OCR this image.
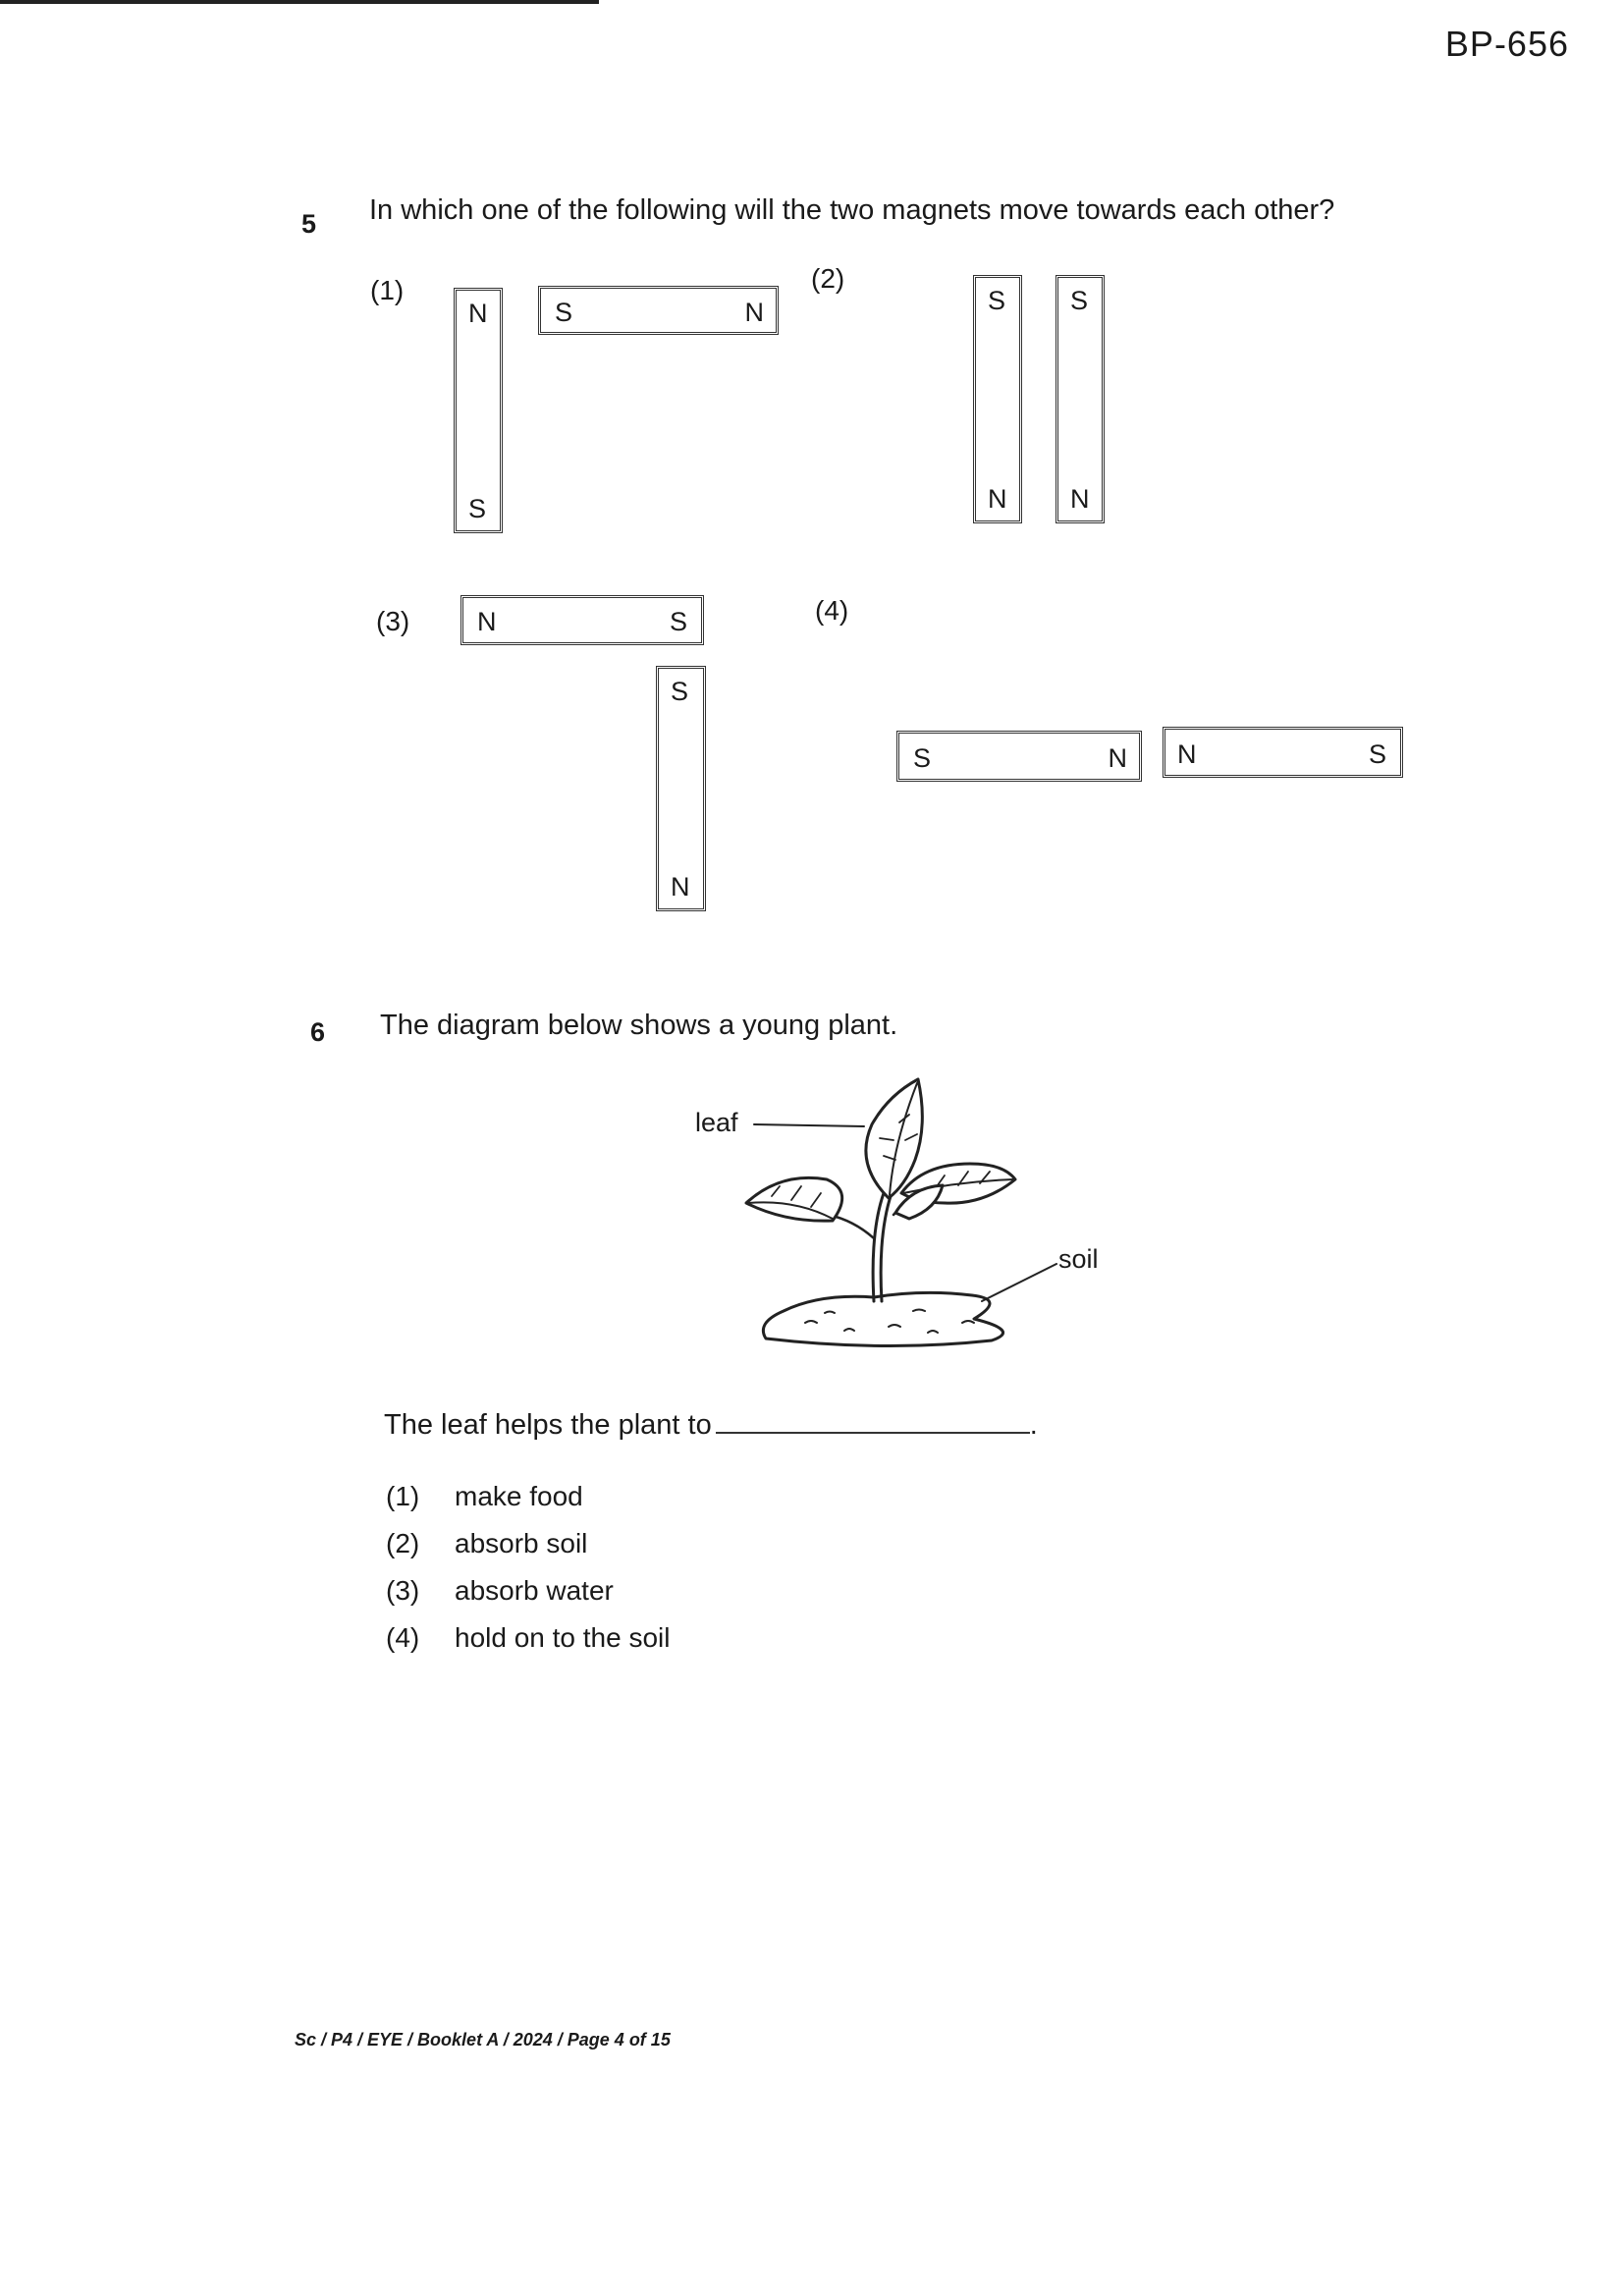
BP-656
5 In which one of the following will the two magnets move towards each other?
(1)
N
S
S	N
(2)
S
N
S
N
(3)	N	S
S
N
(4)
S	N N	S
6 The diagram below shows a young plant.
leaf
soil
The leaf helps the plant to	.
(1) make food
(2) absorb soil
(3) absorb water
(4) hold on to the soil
Sc / P4 / EYE / Booklet A / 2024 / Page 4 of 15
